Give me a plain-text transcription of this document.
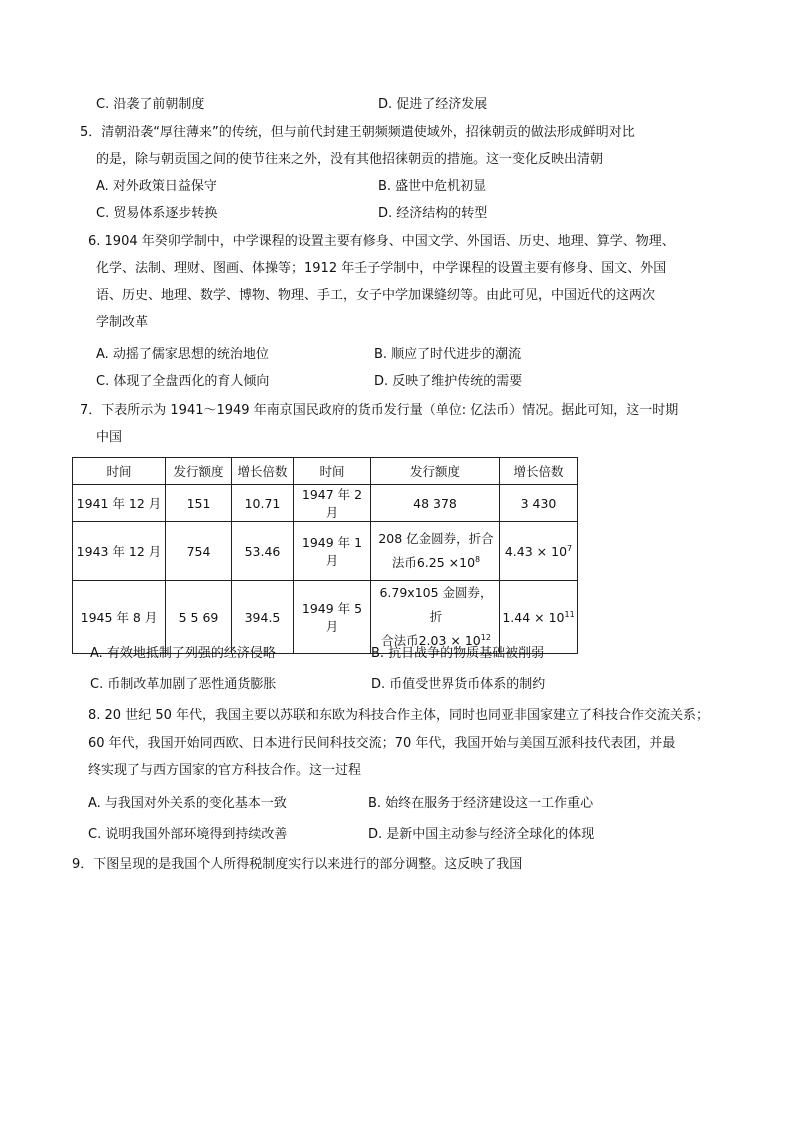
C. 沿袭了前朝制度	D. 促进了经济发展
5．清朝沿袭“厚往薄来”的传统，但与前代封建王朝频频遣使域外，招徕朝贡的做法形成鲜明对比
的是，除与朝贡国之间的使节往来之外，没有其他招徕朝贡的措施。这一变化反映出清朝
A. 对外政策日益保守	B. 盛世中危机初显
C. 贸易体系逐步转换	D. 经济结构的转型
6. 1904 年癸卯学制中，中学课程的设置主要有修身、中国文学、外国语、历史、地理、算学、物理、
化学、法制、理财、图画、体操等；1912 年壬子学制中，中学课程的设置主要有修身、国文、外国
语、历史、地理、数学、博物、物理、手工，女子中学加课缝纫等。由此可见，中国近代的这两次
学制改革
A. 动摇了儒家思想的统治地位	B. 顺应了时代进步的潮流
C. 体现了全盘西化的育人倾向	D. 反映了维护传统的需要
7．下表所示为 1941～1949 年南京国民政府的货币发行量（单位: 亿法币）情况。据此可知，这一时期
中国
时间	发行额度	增长倍数	时间	发行额度	增长倍数
1941 年 12 月	151	10.71	1947 年 2 月	48 378	3 430
1943 年 12 月	754	53.46	1949 年 1 月	208 亿金圆券，折合
法币$6.25 \times 10^8$	$4.43 \times 10^7$
1945 年 8 月	5 5 69	394.5	1949 年 5 月	6.79x105 金圆券，折
合法币$2.03 \times 10^{12}$	$1.44 \times 10^{11}$
A. 有效地抵制了列强的经济侵略	B. 抗日战争的物质基础被削弱
C. 币制改革加剧了恶性通货膨胀	D. 币值受世界货币体系的制约
8. 20 世纪 50 年代，我国主要以苏联和东欧为科技合作主体，同时也同亚非国家建立了科技合作交流关系；
60 年代，我国开始同西欧、日本进行民间科技交流；70 年代，我国开始与美国互派科技代表团，并最
终实现了与西方国家的官方科技合作。这一过程
A. 与我国对外关系的变化基本一致	B. 始终在服务于经济建设这一工作重心
C. 说明我国外部环境得到持续改善	D. 是新中国主动参与经济全球化的体现
9．下图呈现的是我国个人所得税制度实行以来进行的部分调整。这反映了我国
